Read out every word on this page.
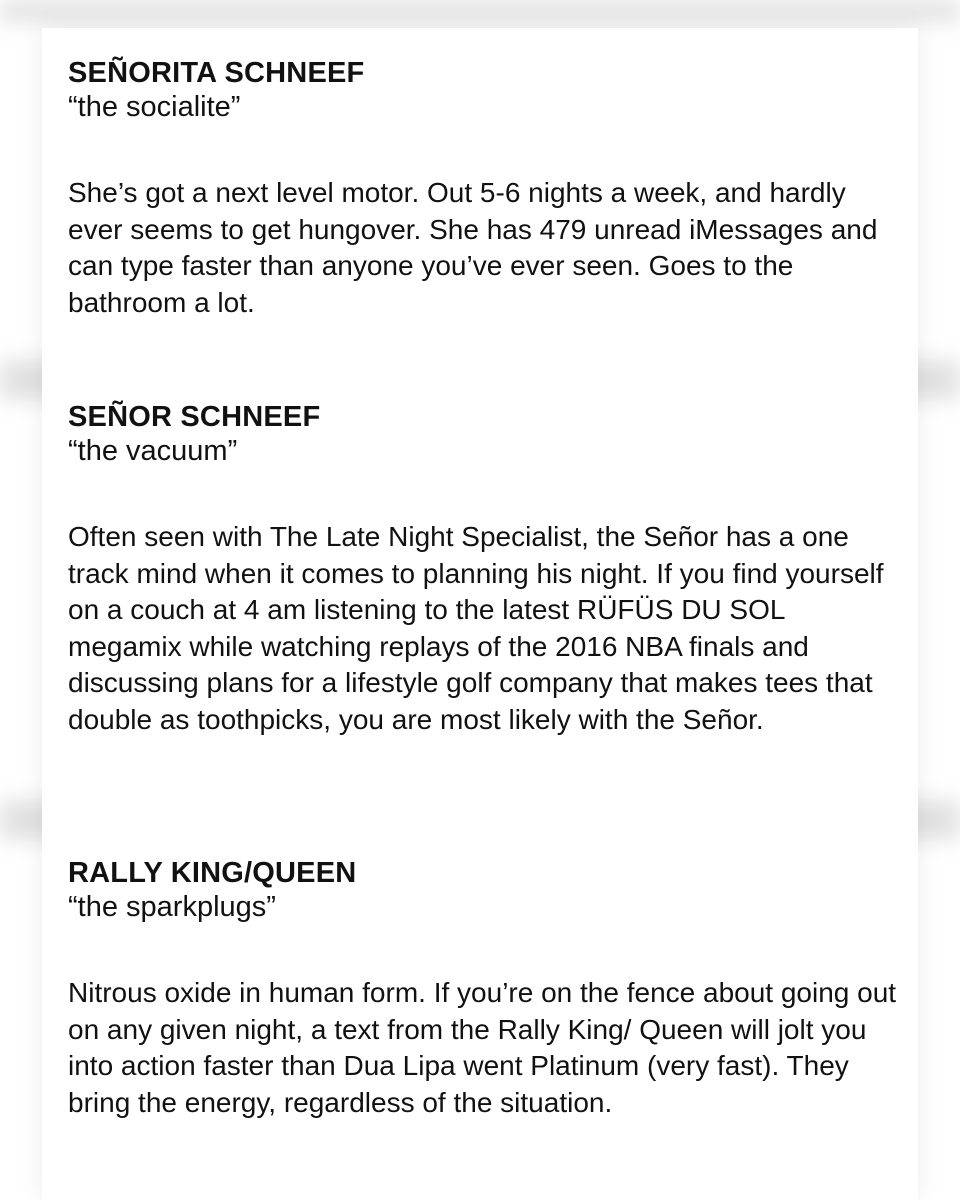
SEÑORITA SCHNEEF

“the socialite”

She’s got a next level motor. Out 5-6 nights a week, and hardly ever seems to get hungover. She has 479 unread iMessages and can type faster than anyone you’ve ever seen. Goes to the bathroom a lot.

SEÑOR SCHNEEF

“the vacuum”

Often seen with The Late Night Specialist, the Señor has a one track mind when it comes to planning his night. If you find yourself on a couch at 4 am listening to the latest RÜFÜS DU SOL megamix while watching replays of the 2016 NBA finals and discussing plans for a lifestyle golf company that makes tees that double as toothpicks, you are most likely with the Señor.

RALLY KING/QUEEN

“the sparkplugs”

Nitrous oxide in human form. If you’re on the fence about going out on any given night, a text from the Rally King/ Queen will jolt you into action faster than Dua Lipa went Platinum (very fast). They bring the energy, regardless of the situation.
